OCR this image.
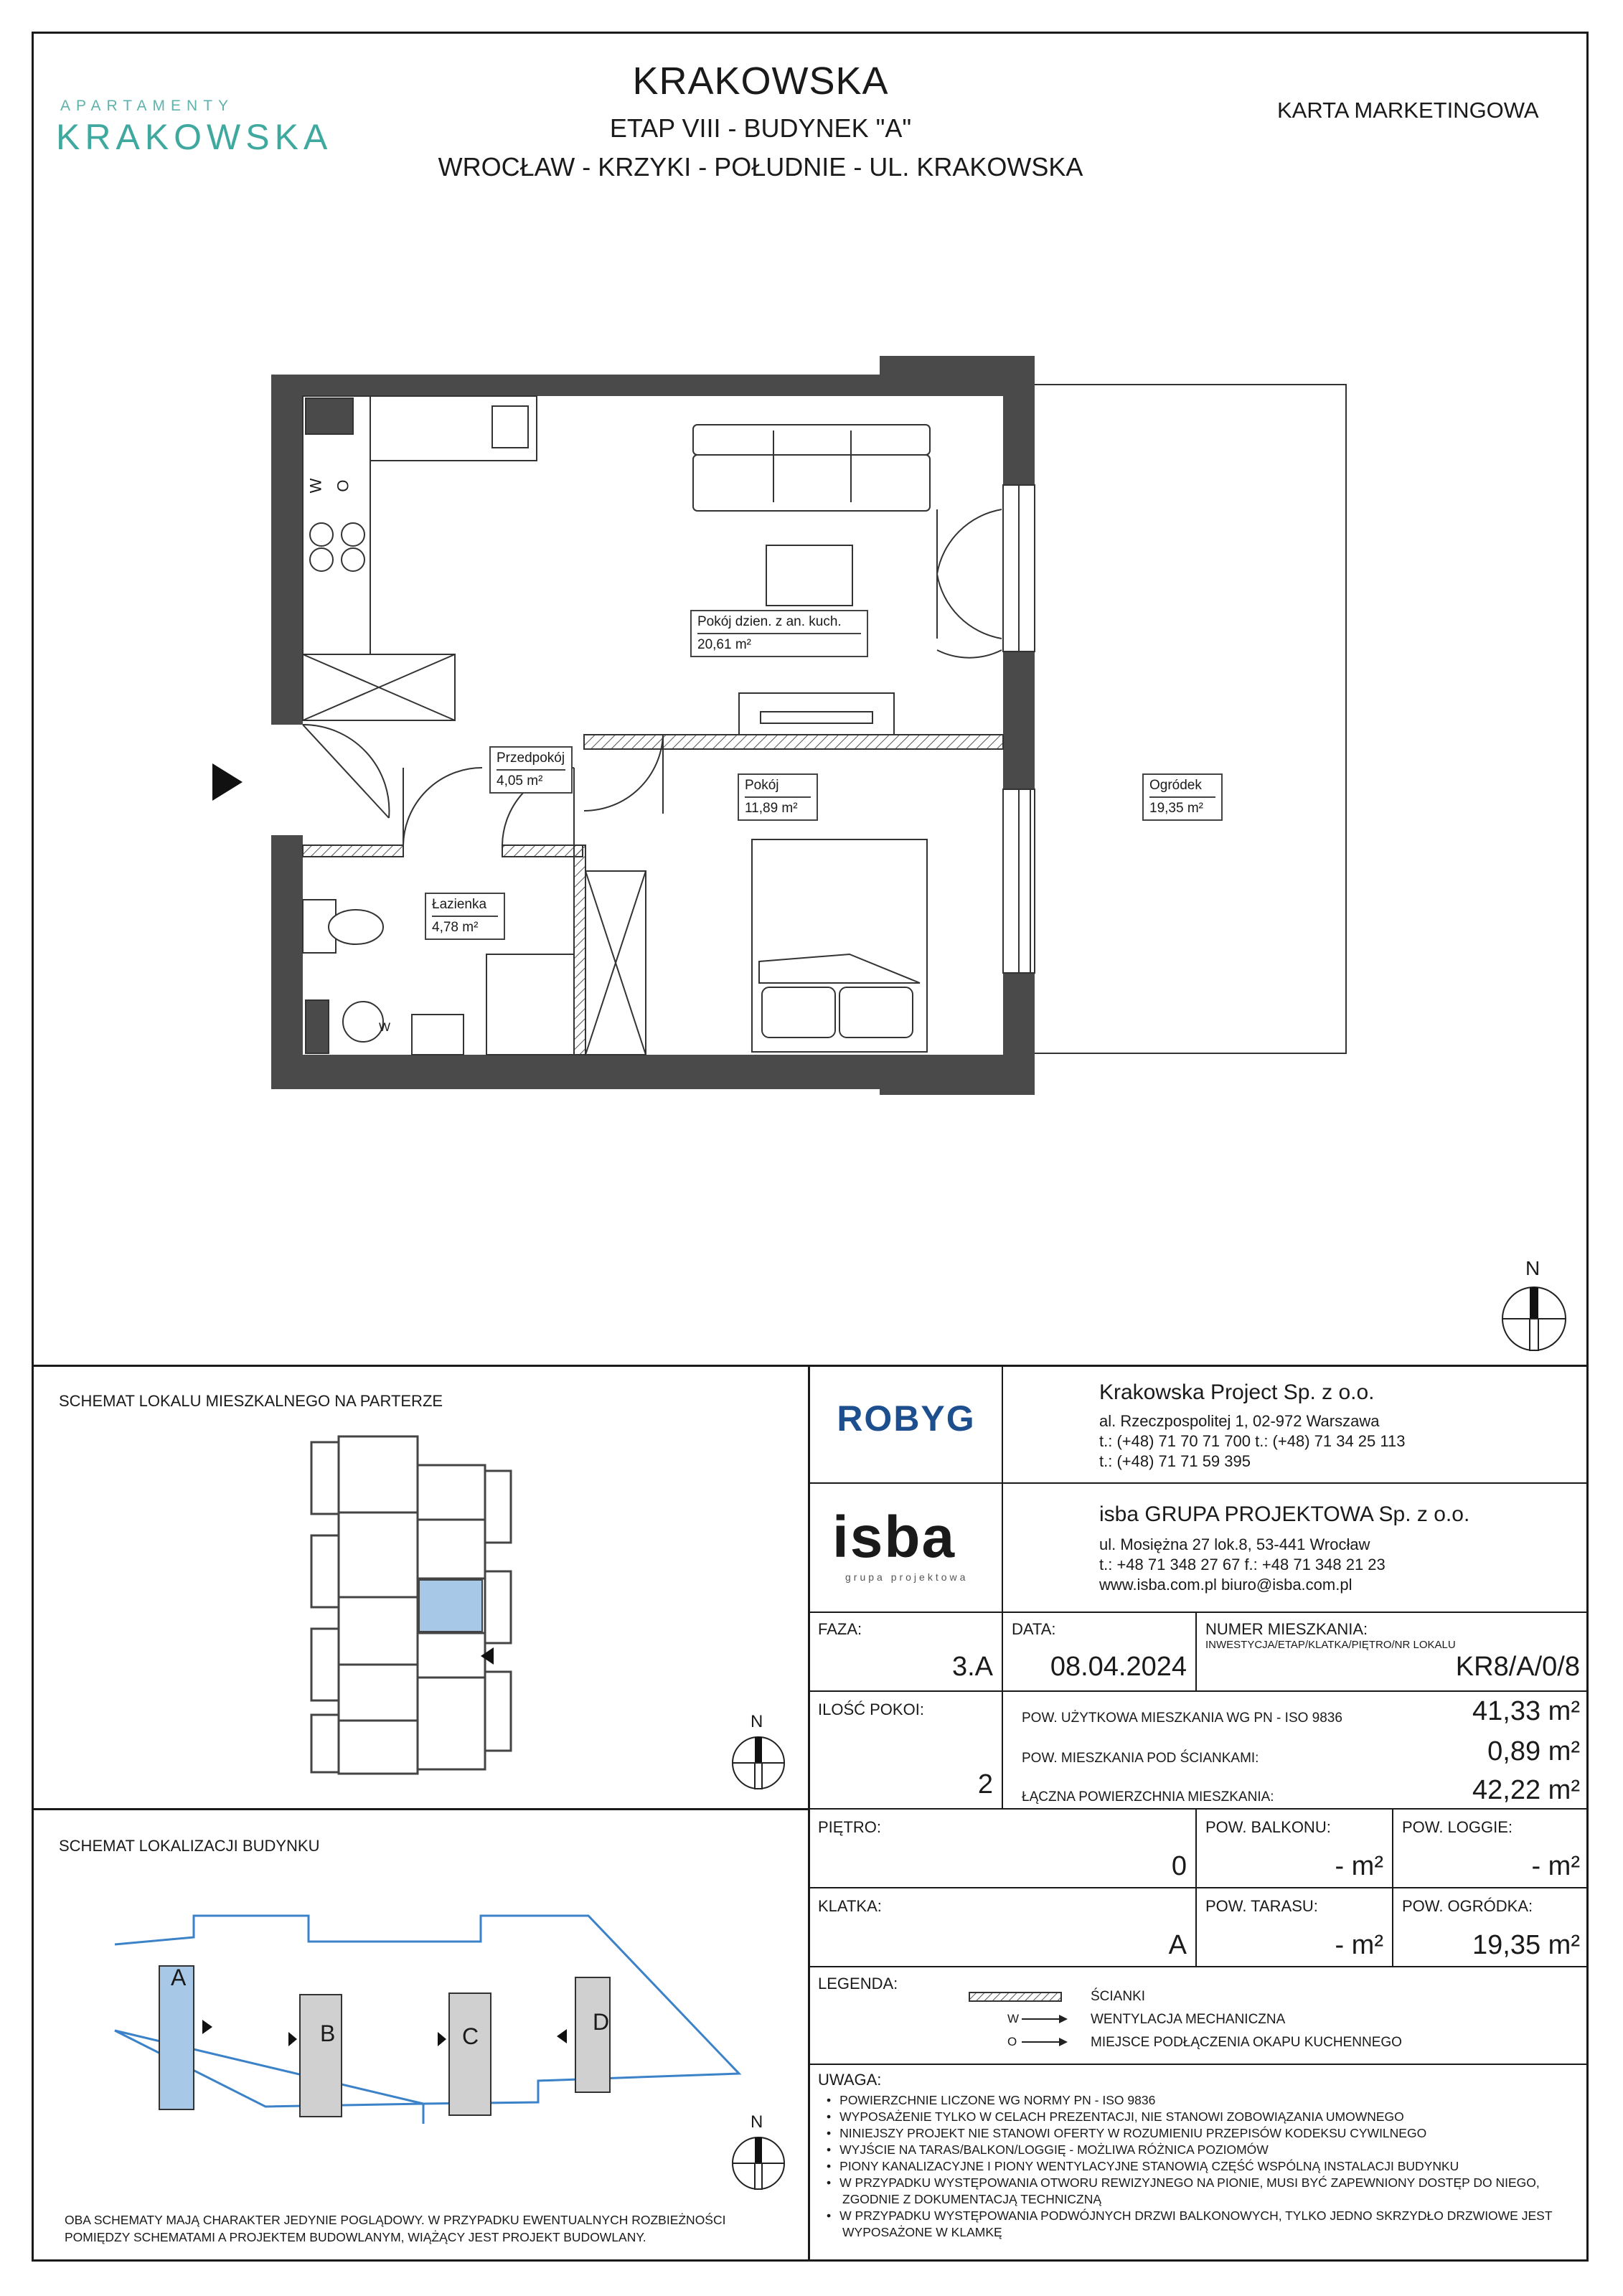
APARTAMENTY
KRAKOWSKA
KRAKOWSKA
ETAP VIII - BUDYNEK "A"
WROCŁAW - KRZYKI - POŁUDNIE - UL. KRAKOWSKA
KARTA MARKETINGOWA
W O
W
Pokój dzien. z an. kuch.
20,61 m²
Przedpokój
4,05 m²	Pokój
11,89 m²
Ogródek
19,35 m²
Łazienka
4,78 m²
N
SCHEMAT LOKALU MIESZKALNEGO NA PARTERZE
N
SCHEMAT LOKALIZACJI BUDYNKU
A
B	C
D
N
OBA SCHEMATY MAJĄ CHARAKTER JEDYNIE POGLĄDOWY. W PRZYPADKU EWENTUALNYCH ROZBIEŻNOŚCI POMIĘDZY SCHEMATAMI A PROJEKTEM BUDOWLANYM, WIĄŻĄCY JEST PROJEKT BUDOWLANY.
ROBYG
Krakowska Project Sp. z o.o.
al. Rzeczpospolitej 1, 02-972 Warszawa
t.: (+48) 71 70 71 700 t.: (+48) 71 34 25 113
t.: (+48) 71 71 59 395
isba
grupa projektowa
isba GRUPA PROJEKTOWA Sp. z o.o.
ul. Mosiężna 27 lok.8, 53-441 Wrocław
t.: +48 71 348 27 67 f.: +48 71 348 21 23
www.isba.com.pl biuro@isba.com.pl
FAZA:
3.A
DATA:
08.04.2024
NUMER MIESZKANIA:
INWESTYCJA/ETAP/KLATKA/PIĘTRO/NR LOKALU
KR8/A/0/8
ILOŚĆ POKOI:
2
POW. UŻYTKOWA MIESZKANIA WG PN - ISO 9836	41,33 m²
POW. MIESZKANIA POD ŚCIANKAMI:	0,89 m²
ŁĄCZNA POWIERZCHNIA MIESZKANIA:	42,22 m²
PIĘTRO:
0
POW. BALKONU:
- m²
POW. LOGGIE:
- m²
KLATKA:
A
POW. TARASU:
- m²
POW. OGRÓDKA:
19,35 m²
LEGENDA:
ŚCIANKI
W	WENTYLACJA MECHANICZNA
O	MIEJSCE PODŁĄCZENIA OKAPU KUCHENNEGO
UWAGA:
• POWIERZCHNIE LICZONE WG NORMY PN - ISO 9836
• WYPOSAŻENIE TYLKO W CELACH PREZENTACJI, NIE STANOWI ZOBOWIĄZANIA UMOWNEGO
• NINIEJSZY PROJEKT NIE STANOWI OFERTY W ROZUMIENIU PRZEPISÓW KODEKSU CYWILNEGO
• WYJŚCIE NA TARAS/BALKON/LOGGIĘ - MOŻLIWA RÓŻNICA POZIOMÓW
• PIONY KANALIZACYJNE I PIONY WENTYLACYJNE STANOWIĄ CZĘŚĆ WSPÓLNĄ INSTALACJI BUDYNKU
• W PRZYPADKU WYSTĘPOWANIA OTWORU REWIZYJNEGO NA PIONIE, MUSI BYĆ ZAPEWNIONY DOSTĘP DO NIEGO, ZGODNIE Z DOKUMENTACJĄ TECHNICZNĄ
• W PRZYPADKU WYSTĘPOWANIA PODWÓJNYCH DRZWI BALKONOWYCH, TYLKO JEDNO SKRZYDŁO DRZWIOWE JEST WYPOSAŻONE W KLAMKĘ
